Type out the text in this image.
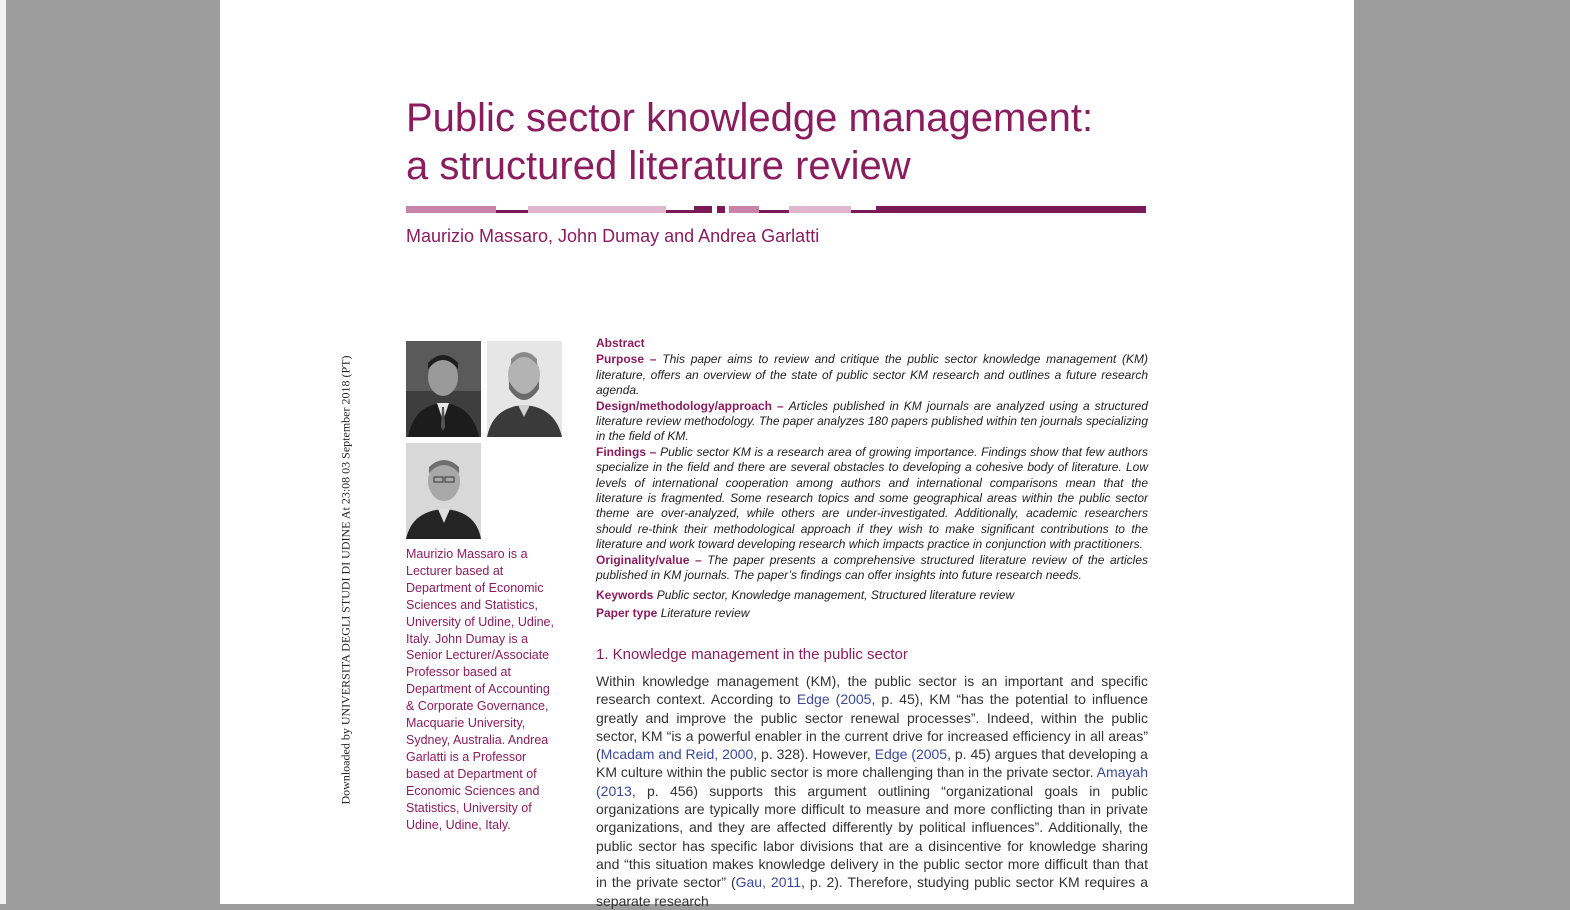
Downloaded by UNIVERSITA DEGLI STUDI DI UDINE At 23:08 03 September 2018 (PT)
Public sector knowledge management:
a structured literature review
Maurizio Massaro, John Dumay and Andrea Garlatti
Maurizio Massaro is a Lecturer based at Department of Economic Sciences and Statistics, University of Udine, Udine, Italy. John Dumay is a Senior Lecturer/Associate Professor based at Department of Accounting & Corporate Governance, Macquarie University, Sydney, Australia. Andrea Garlatti is a Professor based at Department of Economic Sciences and Statistics, University of Udine, Udine, Italy.
Abstract

Purpose – This paper aims to review and critique the public sector knowledge management (KM) literature, offers an overview of the state of public sector KM research and outlines a future research agenda.

Design/methodology/approach – Articles published in KM journals are analyzed using a structured literature review methodology. The paper analyzes 180 papers published within ten journals specializing in the field of KM.

Findings – Public sector KM is a research area of growing importance. Findings show that few authors specialize in the field and there are several obstacles to developing a cohesive body of literature. Low levels of international cooperation among authors and international comparisons mean that the literature is fragmented. Some research topics and some geographical areas within the public sector theme are over-analyzed, while others are under-investigated. Additionally, academic researchers should re-think their methodological approach if they wish to make significant contributions to the literature and work toward developing research which impacts practice in conjunction with practitioners.

Originality/value – The paper presents a comprehensive structured literature review of the articles published in KM journals. The paper’s findings can offer insights into future research needs.

Keywords Public sector, Knowledge management, Structured literature review

Paper type Literature review

1. Knowledge management in the public sector
Within knowledge management (KM), the public sector is an important and specific research context. According to Edge (2005, p. 45), KM “has the potential to influence greatly and improve the public sector renewal processes”. Indeed, within the public sector, KM “is a powerful enabler in the current drive for increased efficiency in all areas” (Mcadam and Reid, 2000, p. 328). However, Edge (2005, p. 45) argues that developing a KM culture within the public sector is more challenging than in the private sector. Amayah (2013, p. 456) supports this argument outlining “organizational goals in public organizations are typically more difficult to measure and more conflicting than in private organizations, and they are affected differently by political influences”. Additionally, the public sector has specific labor divisions that are a disincentive for knowledge sharing and “this situation makes knowledge delivery in the public sector more difficult than that in the private sector” (Gau, 2011, p. 2). Therefore, studying public sector KM requires a separate research
